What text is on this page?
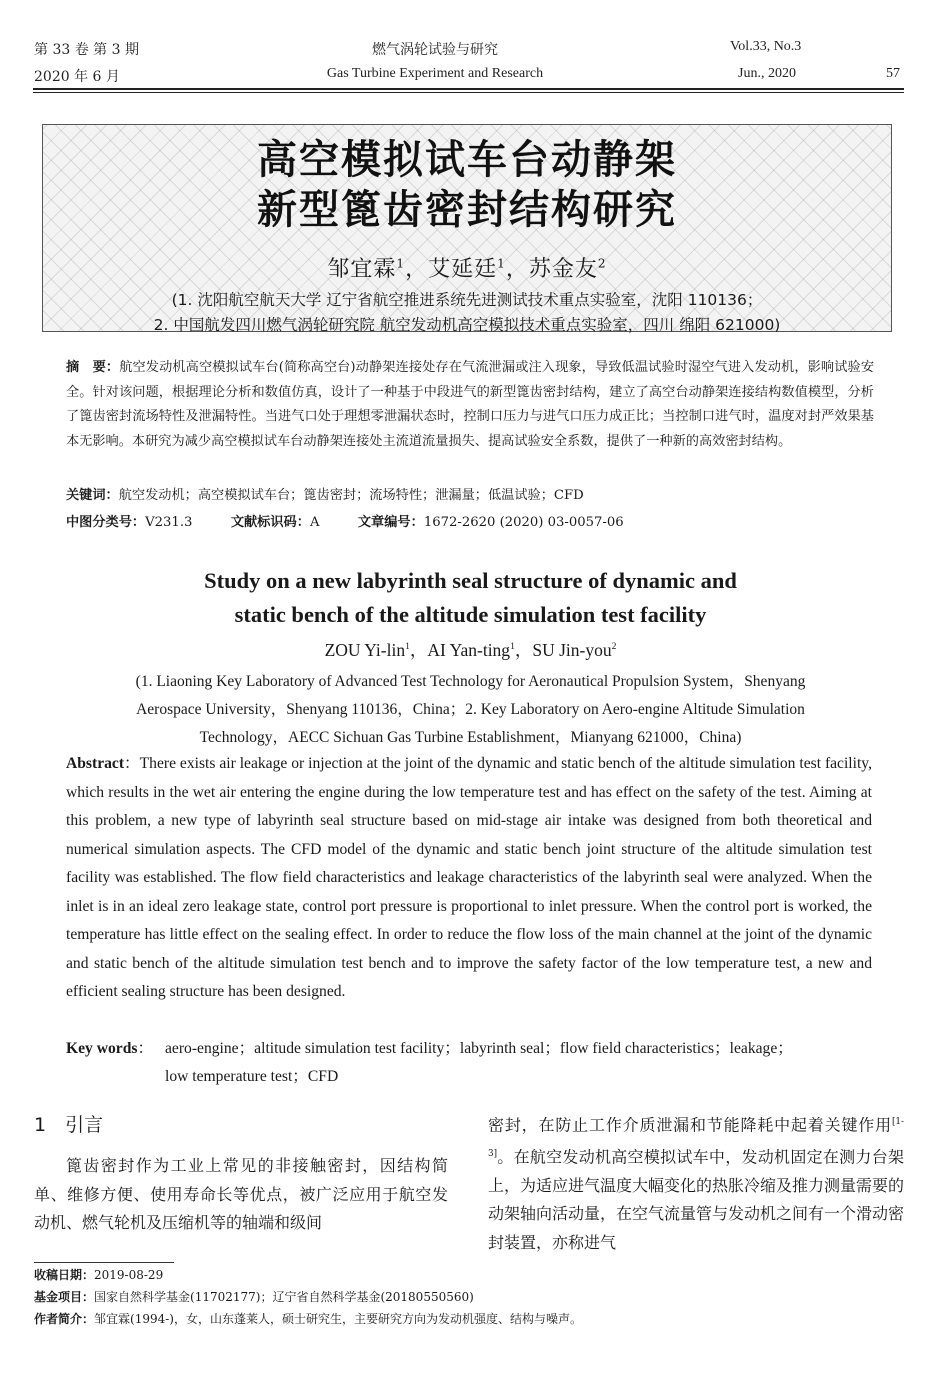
第 33 卷 第 3 期
2020 年 6 月
燃气涡轮试验与研究
Gas Turbine Experiment and Research
Vol.33, No.3
Jun., 2020	57
高空模拟试车台动静架
新型篦齿密封结构研究
邹宜霖$^1$，艾延廷$^1$，苏金友$^2$
(1. 沈阳航空航天大学 辽宁省航空推进系统先进测试技术重点实验室，沈阳 110136；
2. 中国航发四川燃气涡轮研究院 航空发动机高空模拟技术重点实验室，四川 绵阳 621000)
摘　要：航空发动机高空模拟试车台(简称高空台)动静架连接处存在气流泄漏或注入现象，导致低温试验时湿空气进入发动机，影响试验安全。针对该问题，根据理论分析和数值仿真，设计了一种基于中段进气的新型篦齿密封结构，建立了高空台动静架连接结构数值模型，分析了篦齿密封流场特性及泄漏特性。当进气口处于理想零泄漏状态时，控制口压力与进气口压力成正比；当控制口进气时，温度对封严效果基本无影响。本研究为减少高空模拟试车台动静架连接处主流道流量损失、提高试验安全系数，提供了一种新的高效密封结构。
关键词：航空发动机；高空模拟试车台；篦齿密封；流场特性；泄漏量；低温试验；CFD
中图分类号：V231.3	文献标识码：A	文章编号：1672-2620 (2020) 03-0057-06
Study on a new labyrinth seal structure of dynamic and
static bench of the altitude simulation test facility
ZOU Yi-lin$^1$，AI Yan-ting$^1$，SU Jin-you$^2$
(1. Liaoning Key Laboratory of Advanced Test Technology for Aeronautical Propulsion System，Shenyang
Aerospace University，Shenyang 110136，China；2. Key Laboratory on Aero-engine Altitude Simulation
Technology，AECC Sichuan Gas Turbine Establishment，Mianyang 621000，China)
Abstract：There exists air leakage or injection at the joint of the dynamic and static bench of the altitude simulation test facility, which results in the wet air entering the engine during the low temperature test and has effect on the safety of the test. Aiming at this problem, a new type of labyrinth seal structure based on mid-stage air intake was designed from both theoretical and numerical simulation aspects. The CFD model of the dynamic and static bench joint structure of the altitude simulation test facility was established. The flow field characteristics and leakage characteristics of the labyrinth seal were analyzed. When the inlet is in an ideal zero leakage state, control port pressure is proportional to inlet pressure. When the control port is worked, the temperature has little effect on the sealing effect. In order to reduce the flow loss of the main channel at the joint of the dynamic and static bench of the altitude simulation test bench and to improve the safety factor of the low temperature test, a new and efficient sealing structure has been designed.
Key words： aero-engine；altitude simulation test facility；labyrinth seal；flow field characteristics；leakage；
low temperature test；CFD
1　引言
篦齿密封作为工业上常见的非接触密封，因结构简单、维修方便、使用寿命长等优点，被广泛应用于航空发动机、燃气轮机及压缩机等的轴端和级间
密封，在防止工作介质泄漏和节能降耗中起着关键作用[1-3]。在航空发动机高空模拟试车中，发动机固定在测力台架上，为适应进气温度大幅变化的热胀冷缩及推力测量需要的动架轴向活动量，在空气流量管与发动机之间有一个滑动密封装置，亦称进气
收稿日期：2019-08-29
基金项目：国家自然科学基金(11702177)；辽宁省自然科学基金(20180550560)
作者简介：邹宜霖(1994-)，女，山东蓬莱人，硕士研究生，主要研究方向为发动机强度、结构与噪声。
